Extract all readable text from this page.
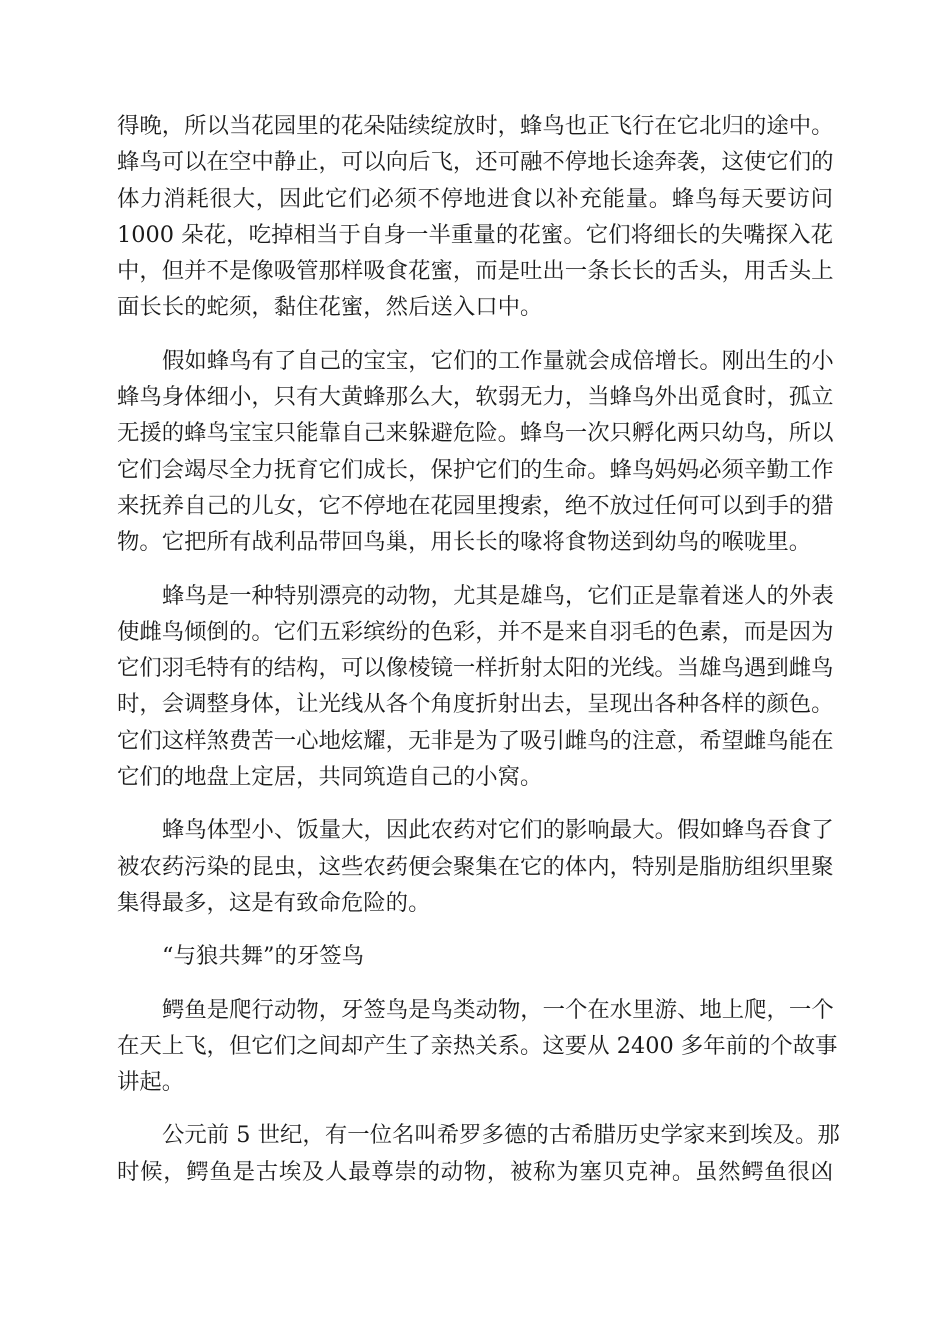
得晚，所以当花园里的花朵陆续绽放时，蜂鸟也正飞行在它北归的途中。
蜂鸟可以在空中静止，可以向后飞，还可融不停地长途奔袭，这使它们的
体力消耗很大，因此它们必须不停地进食以补充能量。蜂鸟每天要访问
1000 朵花，吃掉相当于自身一半重量的花蜜。它们将细长的失嘴探入花
中，但并不是像吸管那样吸食花蜜，而是吐出一条长长的舌头，用舌头上
面长长的蛇须，黏住花蜜，然后送入口中。
假如蜂鸟有了自己的宝宝，它们的工作量就会成倍增长。刚出生的小
蜂鸟身体细小，只有大黄蜂那么大，软弱无力，当蜂鸟外出觅食时，孤立
无援的蜂鸟宝宝只能靠自己来躲避危险。蜂鸟一次只孵化两只幼鸟，所以
它们会竭尽全力抚育它们成长，保护它们的生命。蜂鸟妈妈必须辛勤工作
来抚养自己的儿女，它不停地在花园里搜索，绝不放过任何可以到手的猎
物。它把所有战利品带回鸟巢，用长长的喙将食物送到幼鸟的喉咙里。
蜂鸟是一种特别漂亮的动物，尤其是雄鸟，它们正是靠着迷人的外表
使雌鸟倾倒的。它们五彩缤纷的色彩，并不是来自羽毛的色素，而是因为
它们羽毛特有的结构，可以像棱镜一样折射太阳的光线。当雄鸟遇到雌鸟
时，会调整身体，让光线从各个角度折射出去，呈现出各种各样的颜色。
它们这样煞费苦一心地炫耀，无非是为了吸引雌鸟的注意，希望雌鸟能在
它们的地盘上定居，共同筑造自己的小窝。
蜂鸟体型小、饭量大，因此农药对它们的影响最大。假如蜂鸟吞食了
被农药污染的昆虫，这些农药便会聚集在它的体内，特别是脂肪组织里聚
集得最多，这是有致命危险的。
“与狼共舞”的牙签鸟
鳄鱼是爬行动物，牙签鸟是鸟类动物，一个在水里游、地上爬，一个
在天上飞，但它们之间却产生了亲热关系。这要从 2400 多年前的个故事
讲起。
公元前 5 世纪，有一位名叫希罗多德的古希腊历史学家来到埃及。那
时候，鳄鱼是古埃及人最尊崇的动物，被称为塞贝克神。虽然鳄鱼很凶
